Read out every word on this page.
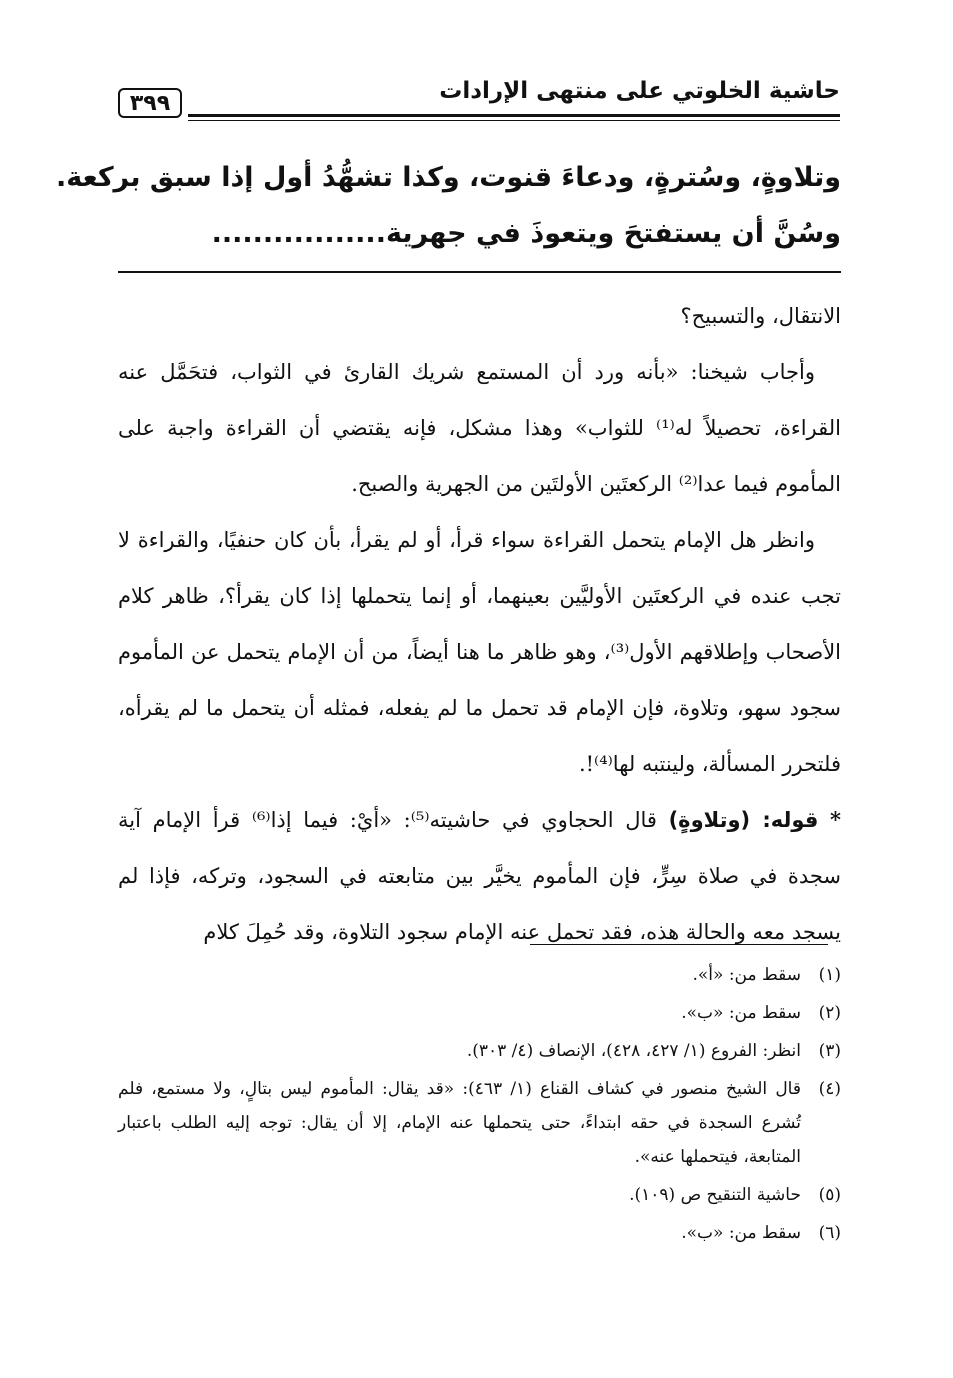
٣٩٩	حاشية الخلوتي على منتهى الإرادات
وتلاوةٍ، وسُترةٍ، ودعاءَ قنوت، وكذا تشهُّدُ أول إذا سبق بركعة.
وسُنَّ أن يستفتحَ ويتعوذَ في جهرية.................

الانتقال، والتسبيح؟

وأجاب شيخنا: «بأنه ورد أن المستمع شريك القارئ في الثواب، فتحَمَّل عنه القراءة، تحصيلاً له⁽¹⁾ للثواب» وهذا مشكل، فإنه يقتضي أن القراءة واجبة على المأموم فيما عدا⁽²⁾ الركعتَين الأولتَين من الجهرية والصبح.

وانظر هل الإمام يتحمل القراءة سواء قرأ، أو لم يقرأ، بأن كان حنفيًا، والقراءة لا تجب عنده في الركعتَين الأوليَّين بعينهما، أو إنما يتحملها إذا كان يقرأ؟، ظاهر كلام الأصحاب وإطلاقهم الأول⁽³⁾، وهو ظاهر ما هنا أيضاً، من أن الإمام يتحمل عن المأموم سجود سهو، وتلاوة، فإن الإمام قد تحمل ما لم يفعله، فمثله أن يتحمل ما لم يقرأه، فلتحرر المسألة، ولينتبه لها⁽⁴⁾!.

* قوله: (وتلاوةٍ) قال الحجاوي في حاشيته⁽⁵⁾: «أيْ: فيما إذا⁽⁶⁾ قرأ الإمام آية سجدة في صلاة سِرٍّ، فإن المأموم يخيَّر بين متابعته في السجود، وتركه، فإذا لم يسجد معه والحالة هذه، فقد تحمل عنه الإمام سجود التلاوة، وقد حُمِلَ كلام

(١)
سقط من: «أ».
(٢)
سقط من: «ب».
(٣)
انظر: الفروع (١/ ٤٢٧، ٤٢٨)، الإنصاف (٤/ ٣٠٣).
(٤)
قال الشيخ منصور في كشاف القناع (١/ ٤٦٣): «قد يقال: المأموم ليس بتالٍ، ولا مستمع، فلم تُشرع السجدة في حقه ابتداءً، حتى يتحملها عنه الإمام، إلا أن يقال: توجه إليه الطلب باعتبار المتابعة، فيتحملها عنه».
(٥)
حاشية التنقيح ص (١٠٩).
(٦)
سقط من: «ب».
